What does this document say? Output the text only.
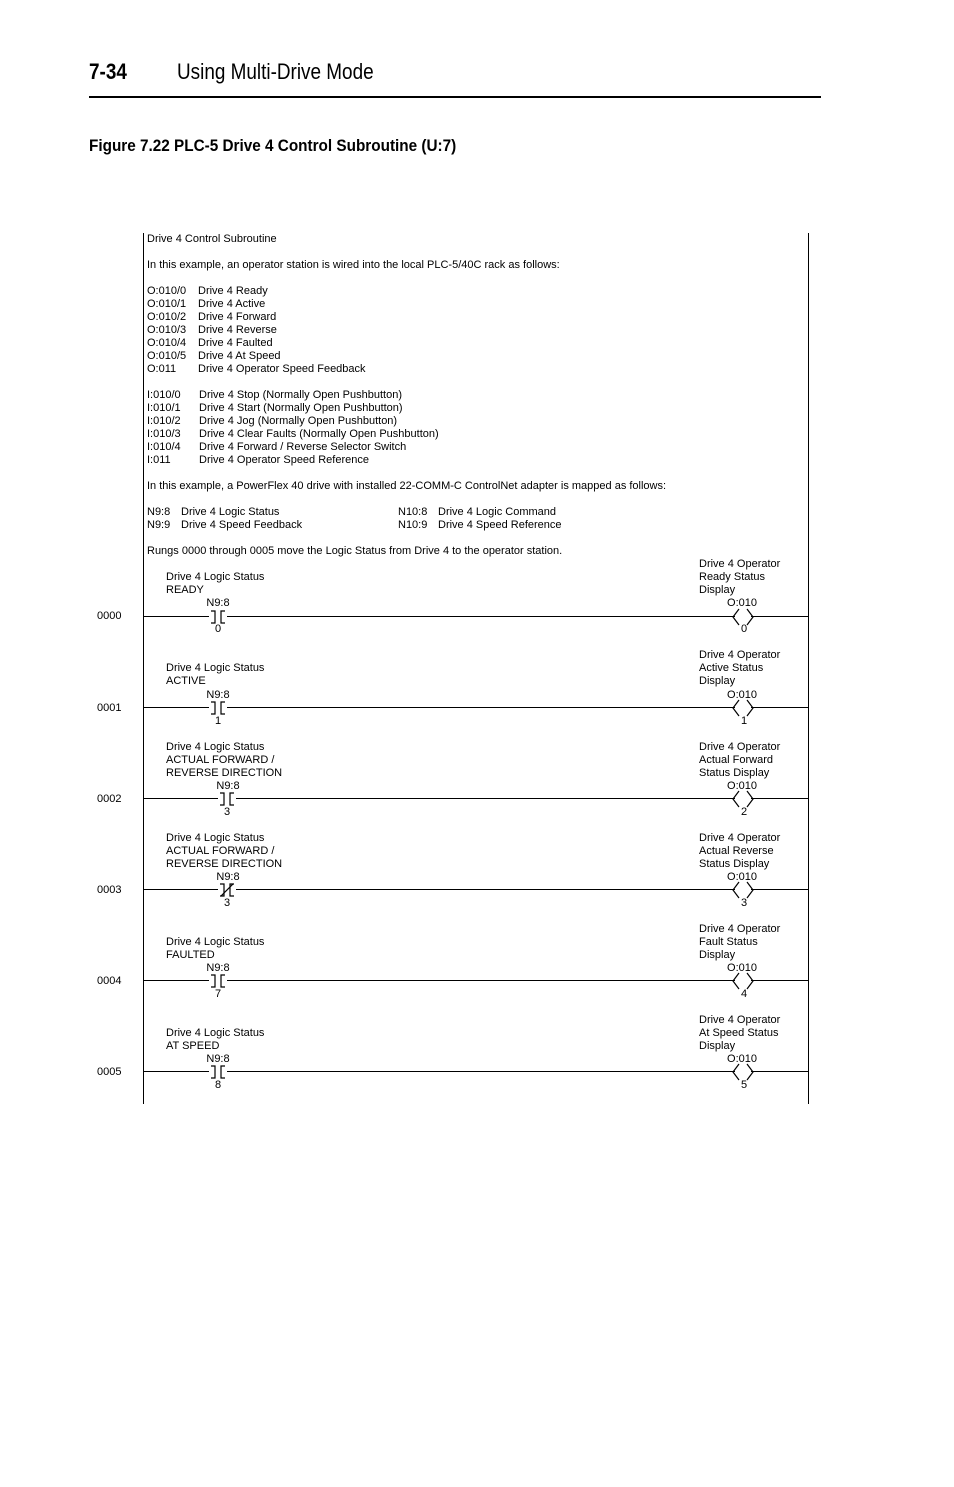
7-34 Using Multi-Drive Mode
Figure 7.22 PLC-5 Drive 4 Control Subroutine (U:7)
Drive 4 Control Subroutine
In this example, an operator station is wired into the local PLC-5/40C rack as follows:
O:010/0 Drive 4 Ready
O:010/1 Drive 4 Active
O:010/2 Drive 4 Forward
O:010/3 Drive 4 Reverse
O:010/4 Drive 4 Faulted
O:010/5 Drive 4 At Speed
O:011 Drive 4 Operator Speed Feedback
I:010/0 Drive 4 Stop (Normally Open Pushbutton)
I:010/1 Drive 4 Start (Normally Open Pushbutton)
I:010/2 Drive 4 Jog (Normally Open Pushbutton)
I:010/3 Drive 4 Clear Faults (Normally Open Pushbutton)
I:010/4 Drive 4 Forward / Reverse Selector Switch
I:011	Drive 4 Operator Speed Reference
In this example, a PowerFlex 40 drive with installed 22-COMM-C ControlNet adapter is mapped as follows:
N9:8 Drive 4 Logic Status
N9:9 Drive 4 Speed Feedback
N10:8 Drive 4 Logic Command
N10:9 Drive 4 Speed Reference
Rungs 0000 through 0005 move the Logic Status from Drive 4 to the operator station.
0000
Drive 4 Logic Status
READY
N9:8
0
Drive 4 Operator
Ready Status
Display
O:010
0
0001
Drive 4 Logic Status
ACTIVE
N9:8
1
Drive 4 Operator
Active Status
Display
O:010
1
0002
Drive 4 Logic Status
ACTUAL FORWARD /
REVERSE DIRECTION
N9:8
3
Drive 4 Operator
Actual Forward
Status Display
O:010
2
0003
Drive 4 Logic Status
ACTUAL FORWARD /
REVERSE DIRECTION
N9:8
3
Drive 4 Operator
Actual Reverse
Status Display
O:010
3
0004
Drive 4 Logic Status
FAULTED
N9:8
7
Drive 4 Operator
Fault Status
Display
O:010
4
0005
Drive 4 Logic Status
AT SPEED
N9:8
8
Drive 4 Operator
At Speed Status
Display
O:010
5
